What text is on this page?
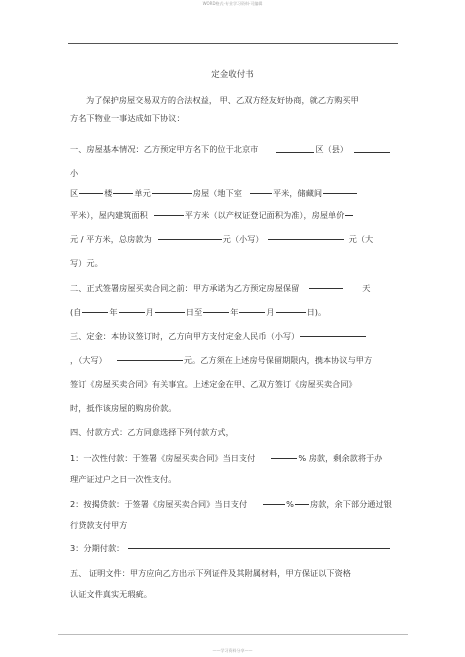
WORD格式-专业学习资料-可编辑
定金收付书
为了保护房屋交易双方的合法权益， 甲、乙双方经友好协商，就乙方购买甲
方名下物业一事达成如下协议：
一、房屋基本情况：乙方预定甲方名下的位于北京市	区（县）
小
区	楼	单元	房屋（地下室	平米，储藏间
平米），屋内建筑面积	平方米（以产权证登记面积为准），房屋单价
元 / 平方米，总房款为	元（小写）	元（大
写）元。
二、正式签署房屋买卖合同之前：甲方承诺为乙方预定房屋保留	天
(自	年	月	日至	年	月	日)。
三、定金：本协议签订时，乙方向甲方支付定金人民币（小写）
，（大写）	元。乙方须在上述房号保留期限内，携本协议与甲方
签订《房屋买卖合同》有关事宜。上述定金在甲、乙双方签订《房屋买卖合同》
时，抵作该房屋的购房价款。
四、付款方式：乙方同意选择下列付款方式，
1：一次性付款：于签署《房屋买卖合同》当日支付	% 房款，剩余款将于办
理产证过户之日一次性支付。
2：按揭贷款：于签署《房屋买卖合同》当日支付	% 房款，余下部分通过银
行贷款支付甲方
3：分期付款：
五、 证明文件：甲方应向乙方出示下列证件及其附属材料，甲方保证以下资格
认证文件真实无瑕疵。
——学习资料分享——
